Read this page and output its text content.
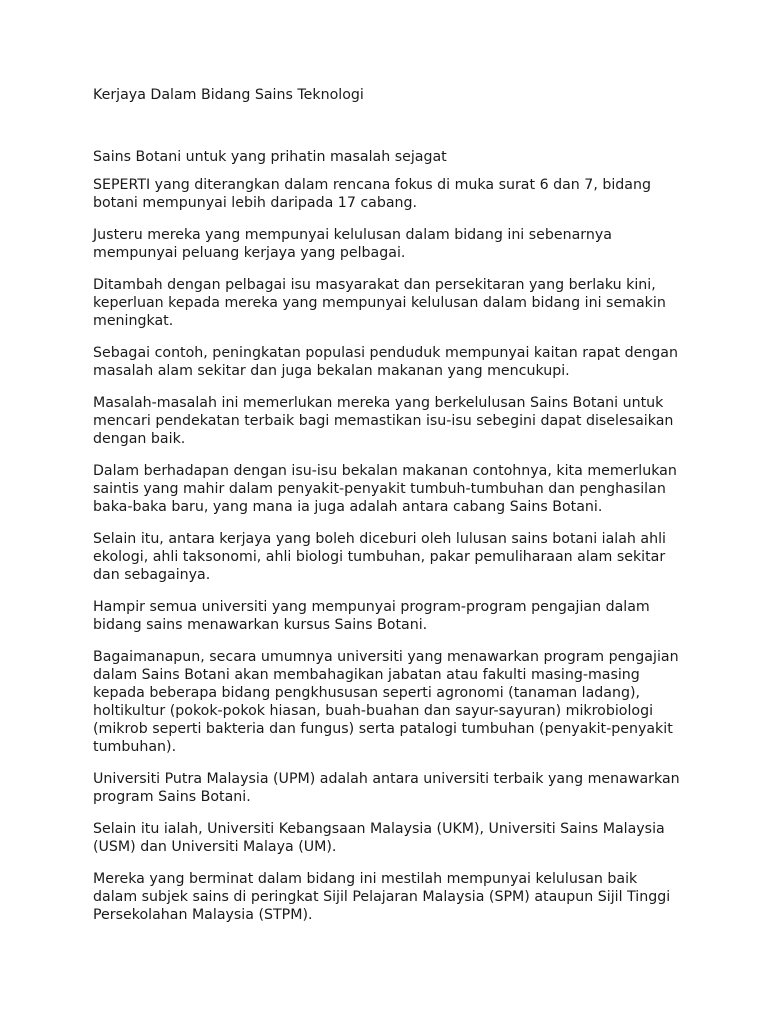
Kerjaya Dalam Bidang Sains Teknologi

Sains Botani untuk yang prihatin masalah sejagat

SEPERTI yang diterangkan dalam rencana fokus di muka surat 6 dan 7, bidang botani mempunyai lebih daripada 17 cabang.

Justeru mereka yang mempunyai kelulusan dalam bidang ini sebenarnya mempunyai peluang kerjaya yang pelbagai.

Ditambah dengan pelbagai isu masyarakat dan persekitaran yang berlaku kini, keperluan kepada mereka yang mempunyai kelulusan dalam bidang ini semakin meningkat.

Sebagai contoh, peningkatan populasi penduduk mempunyai kaitan rapat dengan masalah alam sekitar dan juga bekalan makanan yang mencukupi.

Masalah-masalah ini memerlukan mereka yang berkelulusan Sains Botani untuk mencari pendekatan terbaik bagi memastikan isu-isu sebegini dapat diselesaikan dengan baik.

Dalam berhadapan dengan isu-isu bekalan makanan contohnya, kita memerlukan saintis yang mahir dalam penyakit-penyakit tumbuh-tumbuhan dan penghasilan baka-baka baru, yang mana ia juga adalah antara cabang Sains Botani.

Selain itu, antara kerjaya yang boleh diceburi oleh lulusan sains botani ialah ahli ekologi, ahli taksonomi, ahli biologi tumbuhan, pakar pemuliharaan alam sekitar dan sebagainya.

Hampir semua universiti yang mempunyai program-program pengajian dalam bidang sains menawarkan kursus Sains Botani.

Bagaimanapun, secara umumnya universiti yang menawarkan program pengajian dalam Sains Botani akan membahagikan jabatan atau fakulti masing-masing kepada beberapa bidang pengkhususan seperti agronomi (tanaman ladang), holtikultur (pokok-pokok hiasan, buah-buahan dan sayur-sayuran) mikrobiologi (mikrob seperti bakteria dan fungus) serta patalogi tumbuhan (penyakit-penyakit tumbuhan).

Universiti Putra Malaysia (UPM) adalah antara universiti terbaik yang menawarkan program Sains Botani.

Selain itu ialah, Universiti Kebangsaan Malaysia (UKM), Universiti Sains Malaysia (USM) dan Universiti Malaya (UM).

Mereka yang berminat dalam bidang ini mestilah mempunyai kelulusan baik dalam subjek sains di peringkat Sijil Pelajaran Malaysia (SPM) ataupun Sijil Tinggi Persekolahan Malaysia (STPM).
